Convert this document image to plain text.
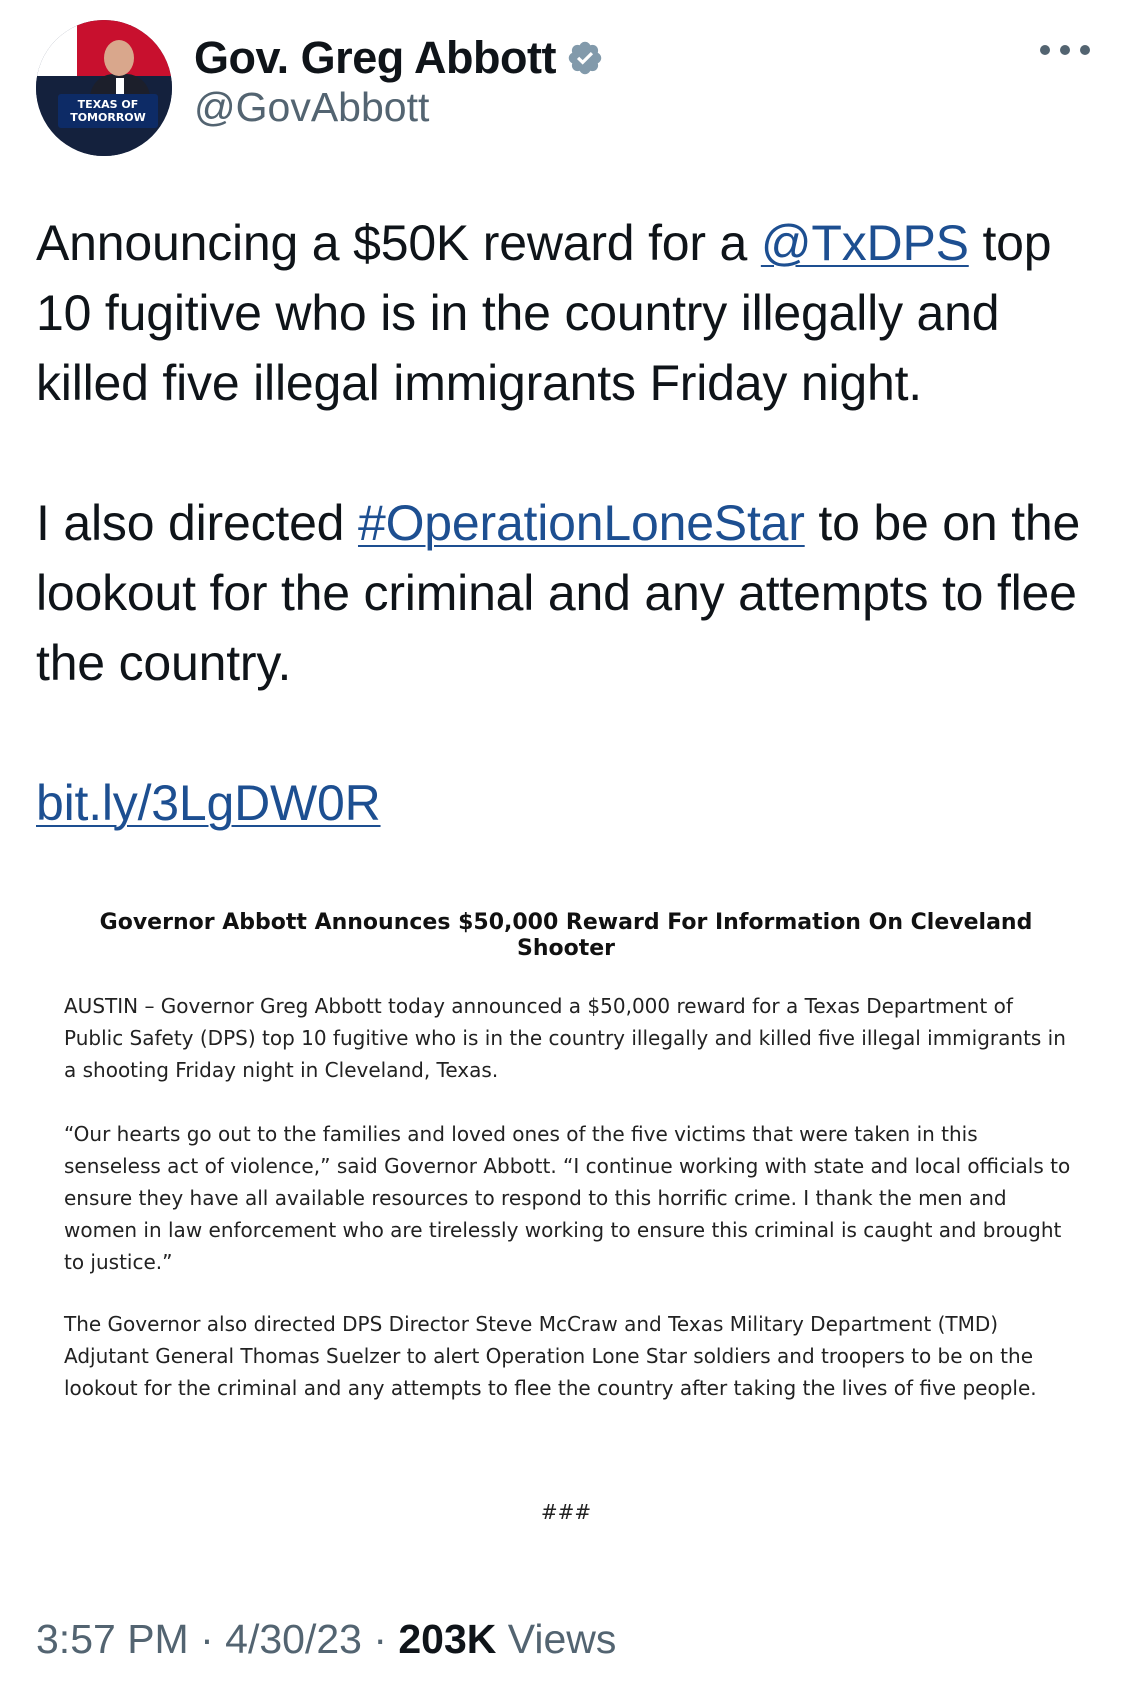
TEXAS OF TOMORROW
Gov. Greg Abbott
@GovAbbott

Announcing a $50K reward for a @TxDPS top 10 fugitive who is in the country illegally and killed five illegal immigrants Friday night.

I also directed #OperationLoneStar to be on the lookout for the criminal and any attempts to flee the country.

bit.ly/3LgDW0R

Governor Abbott Announces $50,000 Reward For Information On Cleveland Shooter
AUSTIN – Governor Greg Abbott today announced a $50,000 reward for a Texas Department of Public Safety (DPS) top 10 fugitive who is in the country illegally and killed five illegal immigrants in a shooting Friday night in Cleveland, Texas.
“Our hearts go out to the families and loved ones of the five victims that were taken in this senseless act of violence,” said Governor Abbott. “I continue working with state and local officials to ensure they have all available resources to respond to this horrific crime. I thank the men and women in law enforcement who are tirelessly working to ensure this criminal is caught and brought to justice.”
The Governor also directed DPS Director Steve McCraw and Texas Military Department (TMD) Adjutant General Thomas Suelzer to alert Operation Lone Star soldiers and troopers to be on the lookout for the criminal and any attempts to flee the country after taking the lives of five people.
###
3:57 PM · 4/30/23 · 203K Views
